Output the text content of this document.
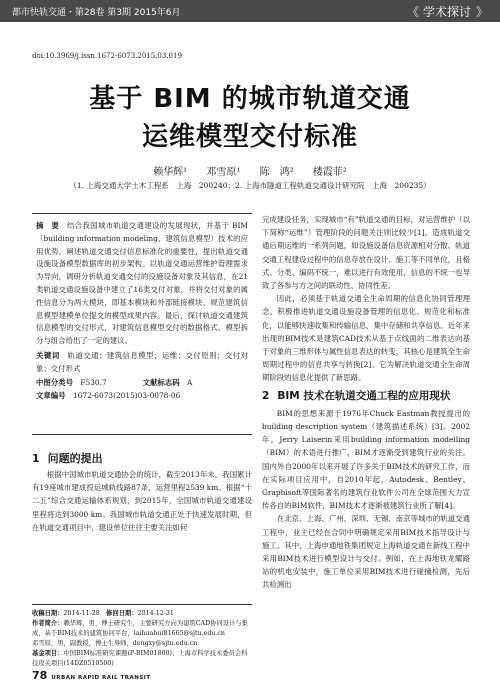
都市快轨交通・第28卷 第3期 2015年6月	《 学术探讨 》
doi:10.3969/j.issn.1672-6073.2015.03.019
基于 BIM 的城市轨道交通
运维模型交付标准
赖华辉¹ 邓雪原¹ 陈　鸿² 楼霞菲²
（1. 上海交通大学土木工程系　上海　200240；2. 上海市隧道工程轨道交通设计研究院　上海　200235）

摘　要　 结合我国城市轨道交通建设的发展现状，并基于 BIM（building information modeling，建筑信息模型）技术的应用优势，阐述轨道交通交付信息标准化的重要性，提出轨道交通设施设备模型数据库的初步架构。以轨道交通运营维护管理需求为导向，调研分析轨道交通交付的设施设备对象及其信息，在21类轨道交通设施设备中建立了16类交付对象，并将交付对象的属性信息分为两大模块，即基本模块和外部链接模块，规范建筑信息模型建模单位提交的模型成果内容。最后，探讨轨道交通建筑信息模型的交付形式，对建筑信息模型交付的数据格式、模型拆分与组合给出了一定的建议。

关键词　 轨道交通；建筑信息模型；运维；交付原则；交付对象；交付形式

中图分类号　 F530.7	文献标志码　 A

文章编号　 1672-6073(2015)03-0078-06

1 问题的提出
根据中国城市轨道交通协会的统计，截至2013年末，我国累计有19座城市建成投运城轨线路87条，运营里程2539 km。根据“十二五”综合交通运输体系规划，到2015年，全国城市轨道交通建设里程将达到3000 km。我国城市轨道交通正处于快速发展时期，但在轨道交通项目中，建设单位往往主要关注如何
收稿日期：2014-11-28　 修回日期：2014-12-31
作者简介：赖华辉，男，博士研究生，主要研究方向为建筑CAD协同设计与集成，基于BIM技术的建筑协同平台，laihuahui81665@sjtu.edu.cn
邓雪原，男，副教授，博士生导师，dengxy@sjtu.edu.cn
基金项目：中国BIM标准研究课题(P-BIM01800)；上海市科学技术委员会科技攻关项目(14DZ0510500)

完成建设任务，实现城市“有”轨道交通的目标，对运营维护（以下简称“运维”）管理阶段的问题关注则比较少[1]，造成轨道交通后期运维的一系列问题，如设施设备信息资源相对分散、轨道交通工程建设过程中的信息存放在设计、施工等不同单位，且格式、分类、编码不统一，难以进行有效使用，信息的不统一也导致了各参与方之间的联动性、协同性差。

因此，必须基于轨道交通全生命周期的信息化协同管理理念，积极推进轨道交通设施设备管理的信息化、规范化和标准化，以能够快速收集和传输信息，集中存储和共享信息。近年来出现的BIM技术是建筑CAD技术从基于点线面的二维表达向基于对象的三维形体与属性信息表达的转变，其核心是建筑全生命周期过程中的信息共享与转换[2]。它为解决轨道交通全生命周期阶段的信息化提供了新思路。

2 BIM 技术在轨道交通工程的应用现状

BIM的思想来源于1976年Chuck Eastman教授提出的building description system（建筑描述系统）[3]。2002年，Jerry Laiserin采用building information modelling（BIM）的术语进行推广，BIM才逐渐受到建筑行业的关注。国内外自2000年以来开展了许多关于BIM技术的研究工作，而在实际项目应用中，自2010年起，Autodesk、Bentley、Graphisoft等国际著名的建筑行业软件公司在全球范围大力宣传各自的BIM软件，BIM技术才逐渐被建筑行业所了解[4]。

在北京、上海、广州、深圳、无锡、南京等城市的轨道交通工程中，业主已经在合同中明确规定采用BIM技术指导设计与施工。其中，上海申通地铁集团规定上海轨道交通在新线工程中采用BIM技术进行模型设计与交付。例如，在上海地铁龙耀路站的机电安装中，施工单位采用BIM技术进行碰撞检测，先后共检测出

78 URBAN RAPID RAIL TRANSIT
